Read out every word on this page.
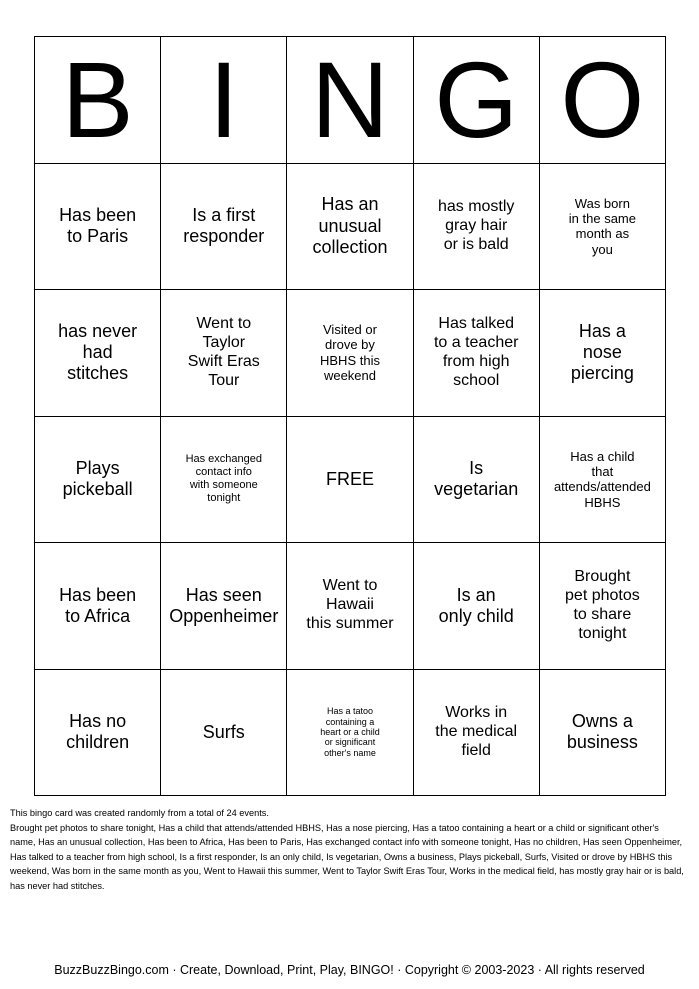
B I N G O
Has been
to Paris
Is a first
responder
Has an
unusual
collection
has mostly
gray hair
or is bald
Was born
in the same
month as
you
has never
had
stitches
Went to
Taylor
Swift Eras
Tour
Visited or
drove by
HBHS this
weekend
Has talked
to a teacher
from high
school
Has a
nose
piercing
Plays
pickeball
Has exchanged
contact info
with someone
tonight
FREE
Is
vegetarian
Has a child
that
attends/attended
HBHS
Has been
to Africa
Has seen
Oppenheimer
Went to
Hawaii
this summer
Is an
only child
Brought
pet photos
to share
tonight
Has no
children
Surfs
Has a tatoo
containing a
heart or a child
or significant
other's name
Works in
the medical
field
Owns a
business
This bingo card was created randomly from a total of 24 events.
Brought pet photos to share tonight, Has a child that attends/attended HBHS, Has a nose piercing, Has a tatoo containing a heart or a child or significant other's name, Has an unusual collection, Has been to Africa, Has been to Paris, Has exchanged contact info with someone tonight, Has no children, Has seen Oppenheimer, Has talked to a teacher from high school, Is a first responder, Is an only child, Is vegetarian, Owns a business, Plays pickeball, Surfs, Visited or drove by HBHS this weekend, Was born in the same month as you, Went to Hawaii this summer, Went to Taylor Swift Eras Tour, Works in the medical field, has mostly gray hair or is bald, has never had stitches.
BuzzBuzzBingo.com · Create, Download, Print, Play, BINGO! · Copyright © 2003-2023 · All rights reserved
